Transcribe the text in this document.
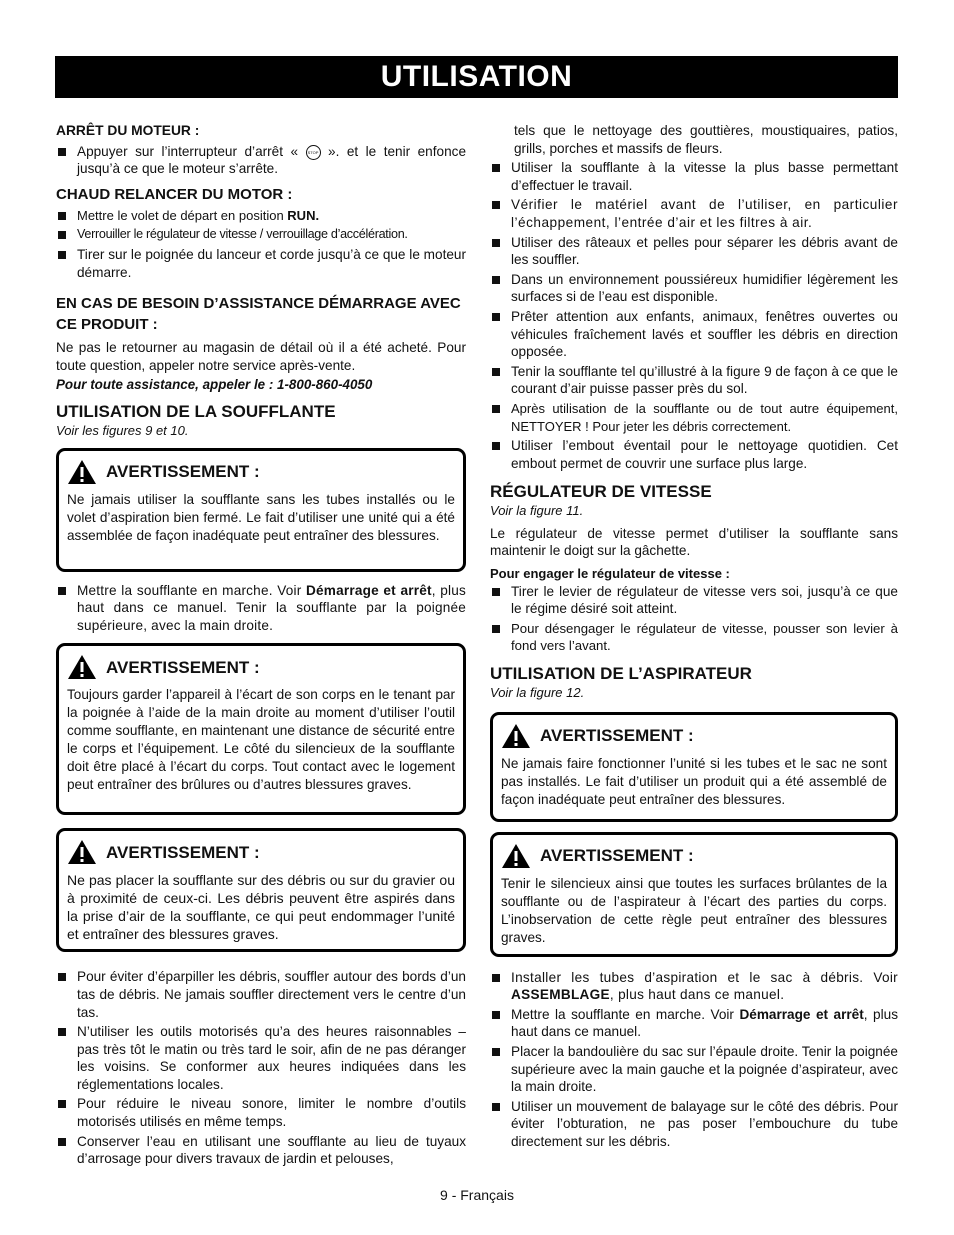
UTILISATION
ARRÊT DU MOTEUR :
Appuyer sur l’interrupteur d’arrêt « STOP ». et le tenir enfonce jusqu’à ce que le moteur s’arrête.
CHAUD RELANCER DU MOTOR :
Mettre le volet de départ en position RUN.
Verrouiller le régulateur de vitesse / verrouillage d’accélération.
Tirer sur le poignée du lanceur et corde jusqu’à ce que le moteur démarre.
EN CAS DE BESOIN D’ASSISTANCE DÉMARRAGE AVEC CE PRODUIT :

Ne pas le retourner au magasin de détail où il a été acheté. Pour toute question, appeler notre service après-vente.

Pour toute assistance, appeler le : 1-800-860-4050
UTILISATION DE LA SOUFFLANTE
Voir les figures 9 et 10.
AVERTISSEMENT :

Ne jamais utiliser la soufflante sans les tubes installés ou le volet d’aspiration bien fermé. Le fait d’utiliser une unité qui a été assemblée de façon inadéquate peut entraîner des blessures.

Mettre la soufflante en marche. Voir Démarrage et arrêt, plus haut dans ce manuel. Tenir la soufflante par la poignée supérieure, avec la main droite.
AVERTISSEMENT :

Toujours garder l’appareil à l’écart de son corps en le tenant par la poignée à l’aide de la main droite au moment d’utiliser l’outil comme soufflante, en maintenant une distance de sécurité entre le corps et l’équipement. Le côté du silencieux de la soufflante doit être placé à l’écart du corps. Tout contact avec le logement peut entraîner des brûlures ou d’autres blessures graves.

AVERTISSEMENT :

Ne pas placer la soufflante sur des débris ou sur du gravier ou à proximité de ceux-ci. Les débris peuvent être aspirés dans la prise d’air de la soufflante, ce qui peut endommager l’unité et entraîner des blessures graves.

Pour éviter d’éparpiller les débris, souffler autour des bords d’un tas de débris. Ne jamais souffler directement vers le centre d’un tas.
N’utiliser les outils motorisés qu’a des heures raisonnables – pas très tôt le matin ou très tard le soir, afin de ne pas déranger les voisins. Se conformer aux heures indiquées dans les réglementations locales.
Pour réduire le niveau sonore, limiter le nombre d’outils motorisés utilisés en même temps.
Conserver l’eau en utilisant une soufflante au lieu de tuyaux d’arrosage pour divers travaux de jardin et pelouses,

tels que le nettoyage des gouttières, moustiquaires, patios, grills, porches et massifs de fleurs.

Utiliser la soufflante à la vitesse la plus basse permettant d’effectuer le travail.
Vérifier le matériel avant de l’utiliser, en particulier l’échappement, l’entrée d’air et les filtres à air.
Utiliser des râteaux et pelles pour séparer les débris avant de les souffler.
Dans un environnement poussiéreux humidifier légèrement les surfaces si de l’eau est disponible.
Prêter attention aux enfants, animaux, fenêtres ouvertes ou véhicules fraîchement lavés et souffler les débris en direction opposée.
Tenir la soufflante tel qu’illustré à la figure 9 de façon à ce que le courant d’air puisse passer près du sol.
Après utilisation de la soufflante ou de tout autre équipement, NETTOYER ! Pour jeter les débris correctement.
Utiliser l’embout éventail pour le nettoyage quotidien. Cet embout permet de couvrir une surface plus large.
RÉGULATEUR DE VITESSE
Voir la figure 11.

Le régulateur de vitesse permet d’utiliser la soufflante sans maintenir le doigt sur la gâchette.

Pour engager le régulateur de vitesse :
Tirer le levier de régulateur de vitesse vers soi, jusqu’à ce que le régime désiré soit atteint.
Pour désengager le régulateur de vitesse, pousser son levier à fond vers l’avant.
UTILISATION DE L’ASPIRATEUR
Voir la figure 12.
AVERTISSEMENT :

Ne jamais faire fonctionner l’unité si les tubes et le sac ne sont pas installés. Le fait d’utiliser un produit qui a été assemblé de façon inadéquate peut entraîner des blessures.

AVERTISSEMENT :

Tenir le silencieux ainsi que toutes les surfaces brûlantes de la soufflante ou de l’aspirateur à l’écart des parties du corps. L’inobservation de cette règle peut entraîner des blessures graves.

Installer les tubes d’aspiration et le sac à débris. Voir ASSEMBLAGE, plus haut dans ce manuel.
Mettre la soufflante en marche. Voir Démarrage et arrêt, plus haut dans ce manuel.
Placer la bandoulière du sac sur l’épaule droite. Tenir la poignée supérieure avec la main gauche et la poignée d’aspirateur, avec la main droite.
Utiliser un mouvement de balayage sur le côté des débris. Pour éviter l’obturation, ne pas poser l’embouchure du tube directement sur les débris.
9 - Français
